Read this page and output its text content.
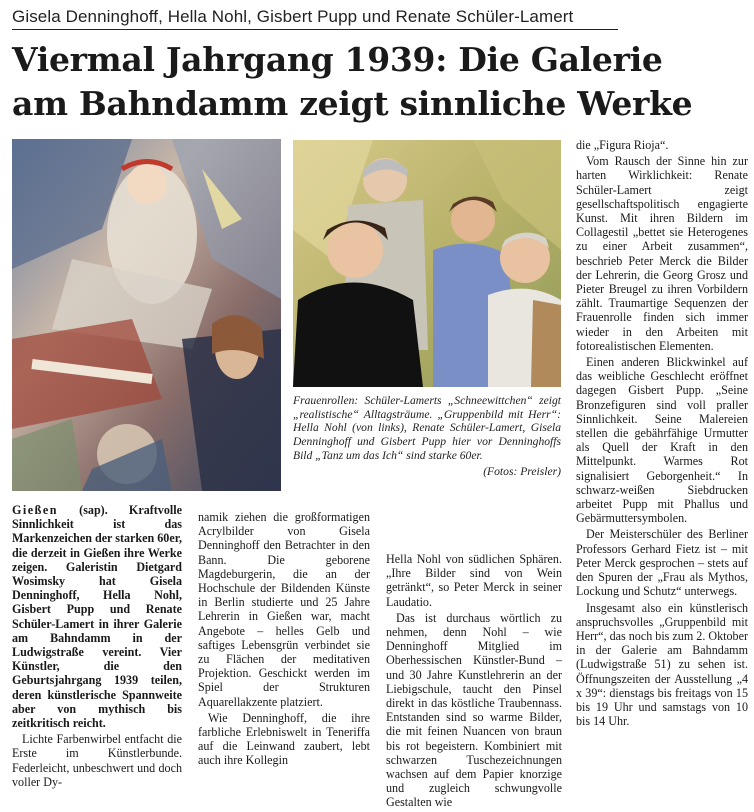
Gisela Denninghoff, Hella Nohl, Gisbert Pupp und Renate Schüler-Lamert
Viermal Jahrgang 1939: Die Galerie
am Bahndamm zeigt sinnliche Werke
Frauenrollen: Schüler-Lamerts „Schneewittchen“ zeigt „realistische“ Alltagsträume. „Gruppenbild mit Herr“: Hella Nohl (von links), Renate Schüler-Lamert, Gisela Denninghoff und Gisbert Pupp hier vor Denninghoffs Bild „Tanz um das Ich“ sind starke 60er.
(Fotos: Preisler)

Gießen (sap). Kraftvolle Sinnlichkeit ist das Markenzeichen der starken 60er, die derzeit in Gießen ihre Werke zeigen. Galeristin Dietgard Wosimsky hat Gisela Denninghoff, Hella Nohl, Gisbert Pupp und Renate Schüler-Lamert in ihrer Galerie am Bahndamm in der Ludwigstraße vereint. Vier Künstler, die den Geburtsjahrgang 1939 teilen, deren künstlerische Spannweite aber von mythisch bis zeitkritisch reicht.

Lichte Farbenwirbel entfacht die Erste im Künstlerbunde. Federleicht, unbeschwert und doch voller Dy-

namik ziehen die großformatigen Acrylbilder von Gisela Denninghoff den Betrachter in den Bann. Die geborene Magdeburgerin, die an der Hochschule der Bildenden Künste in Berlin studierte und 25 Jahre Lehrerin in Gießen war, macht Angebote – helles Gelb und saftiges Lebensgrün verbindet sie zu Flächen der meditativen Projektion. Geschickt werden im Spiel der Strukturen Aquarellakzente platziert.

Wie Denninghoff, die ihre farbliche Erlebniswelt in Teneriffa auf die Leinwand zaubert, lebt auch ihre Kollegin

Hella Nohl von südlichen Sphären. „Ihre Bilder sind von Wein getränkt“, so Peter Merck in seiner Laudatio.

Das ist durchaus wörtlich zu nehmen, denn Nohl – wie Denninghoff Mitglied im Oberhessischen Künstler-Bund – und 30 Jahre Kunstlehrerin an der Liebigschule, taucht den Pinsel direkt in das köstliche Traubennass. Entstanden sind so warme Bilder, die mit feinen Nuancen von braun bis rot begeistern. Kombiniert mit schwarzen Tuschezeichnungen wachsen auf dem Papier knorzige und zugleich schwungvolle Gestalten wie

die „Figura Rioja“.

Vom Rausch der Sinne hin zur harten Wirklichkeit: Renate Schüler-Lamert zeigt gesellschaftspolitisch engagierte Kunst. Mit ihren Bildern im Collagestil „bettet sie Heterogenes zu einer Arbeit zusammen“, beschrieb Peter Merck die Bilder der Lehrerin, die Georg Grosz und Pieter Breugel zu ihren Vorbildern zählt. Traumartige Sequenzen der Frauenrolle finden sich immer wieder in den Arbeiten mit fotorealistischen Elementen.

Einen anderen Blickwinkel auf das weibliche Geschlecht eröffnet dagegen Gisbert Pupp. „Seine Bronzefiguren sind voll praller Sinnlichkeit. Seine Malereien stellen die gebährfähige Urmutter als Quell der Kraft in den Mittelpunkt. Warmes Rot signalisiert Geborgenheit.“ In schwarz-weißen Siebdrucken arbeitet Pupp mit Phallus und Gebärmuttersymbolen.

Der Meisterschüler des Berliner Professors Gerhard Fietz ist – mit Peter Merck gesprochen – stets auf den Spuren der „Frau als Mythos, Lockung und Schutz“ unterwegs.

Insgesamt also ein künstlerisch anspruchsvolles „Gruppenbild mit Herr“, das noch bis zum 2. Oktober in der Galerie am Bahndamm (Ludwigstraße 51) zu sehen ist. Öffnungszeiten der Ausstellung „4 x 39“: dienstags bis freitags von 15 bis 19 Uhr und samstags von 10 bis 14 Uhr.
